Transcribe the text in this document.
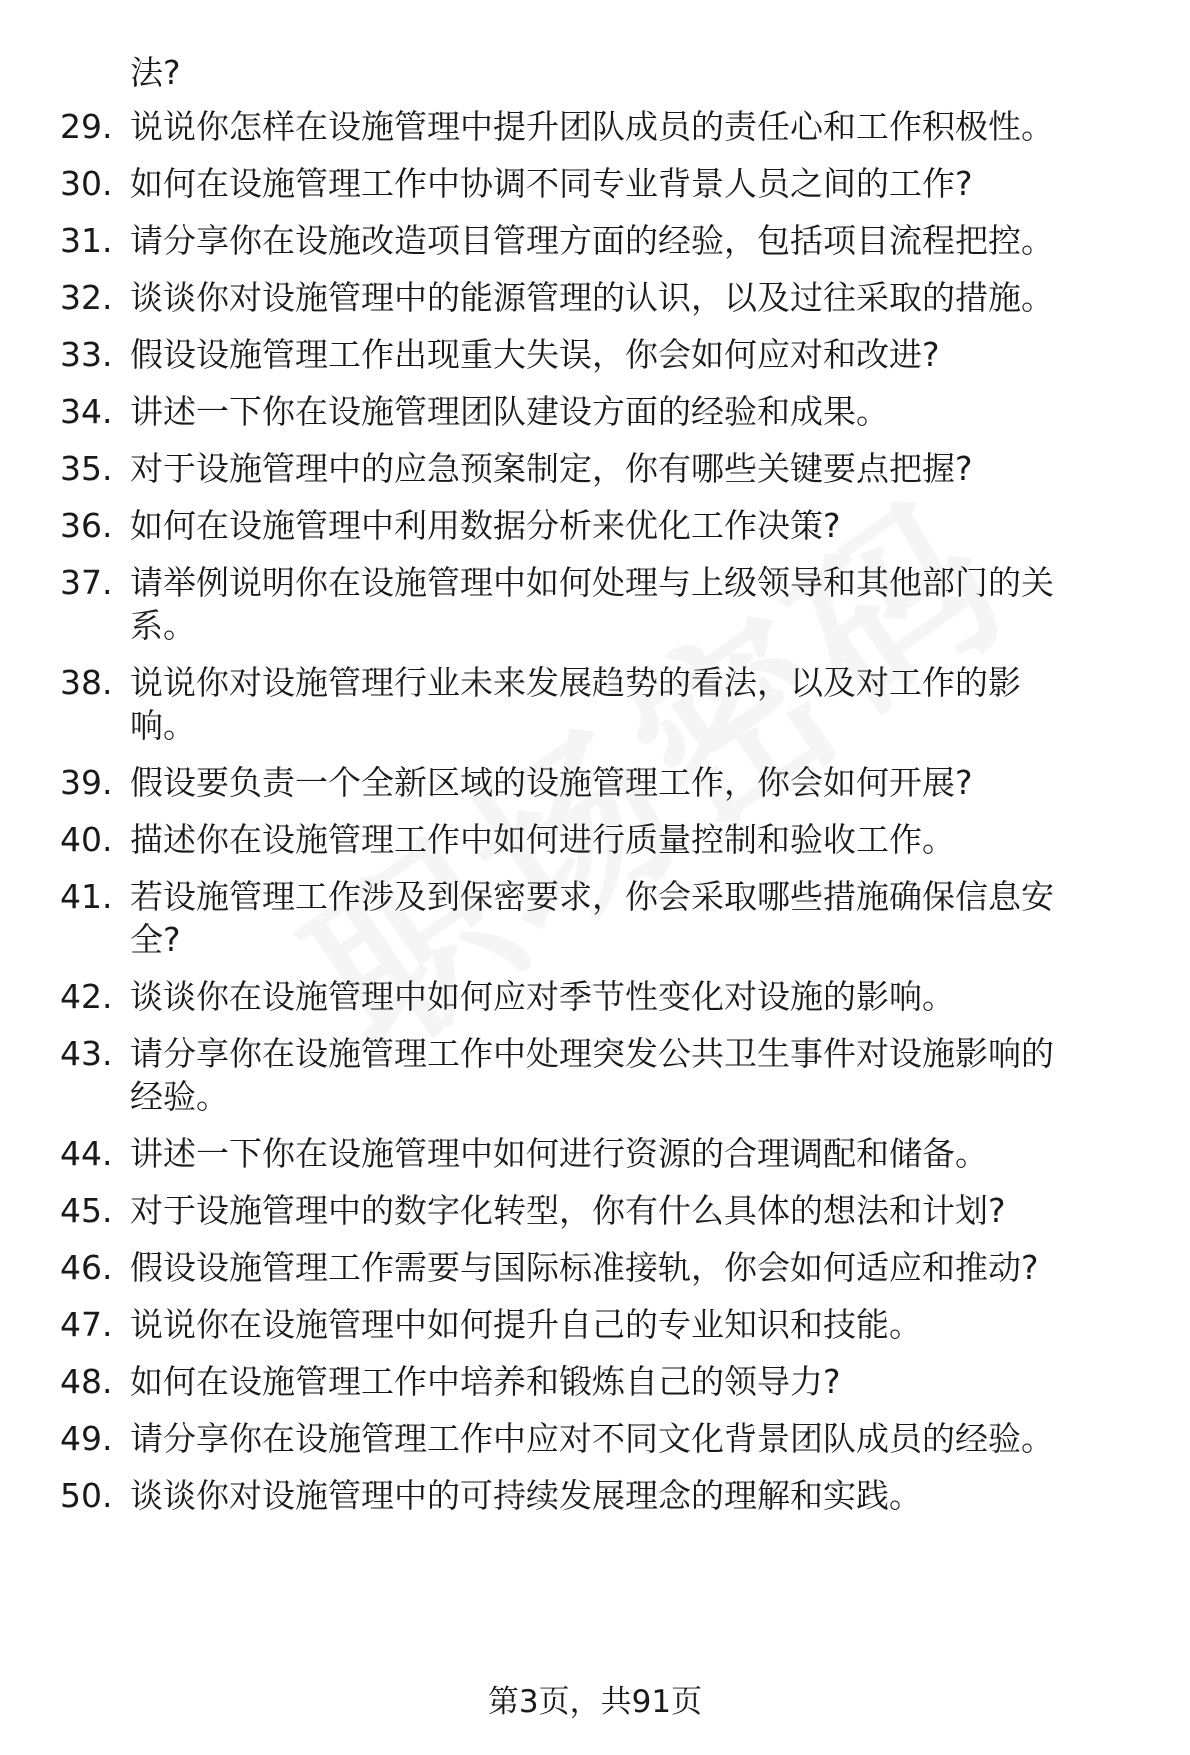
法?
29. 说说你怎样在设施管理中提升团队成员的责任心和工作积极性。
30. 如何在设施管理工作中协调不同专业背景人员之间的工作?
31. 请分享你在设施改造项目管理方面的经验，包括项目流程把控。
32. 谈谈你对设施管理中的能源管理的认识，以及过往采取的措施。
33. 假设设施管理工作出现重大失误，你会如何应对和改进?
34. 讲述一下你在设施管理团队建设方面的经验和成果。
35. 对于设施管理中的应急预案制定，你有哪些关键要点把握?
36. 如何在设施管理中利用数据分析来优化工作决策?
37. 请举例说明你在设施管理中如何处理与上级领导和其他部门的关
系。
38. 说说你对设施管理行业未来发展趋势的看法，以及对工作的影
响。
39. 假设要负责一个全新区域的设施管理工作，你会如何开展?
40. 描述你在设施管理工作中如何进行质量控制和验收工作。
41. 若设施管理工作涉及到保密要求，你会采取哪些措施确保信息安
全?
42. 谈谈你在设施管理中如何应对季节性变化对设施的影响。
43. 请分享你在设施管理工作中处理突发公共卫生事件对设施影响的
经验。
44. 讲述一下你在设施管理中如何进行资源的合理调配和储备。
45. 对于设施管理中的数字化转型，你有什么具体的想法和计划?
46. 假设设施管理工作需要与国际标准接轨，你会如何适应和推动?
47. 说说你在设施管理中如何提升自己的专业知识和技能。
48. 如何在设施管理工作中培养和锻炼自己的领导力?
49. 请分享你在设施管理工作中应对不同文化背景团队成员的经验。
50. 谈谈你对设施管理中的可持续发展理念的理解和实践。
第3页，共91页
